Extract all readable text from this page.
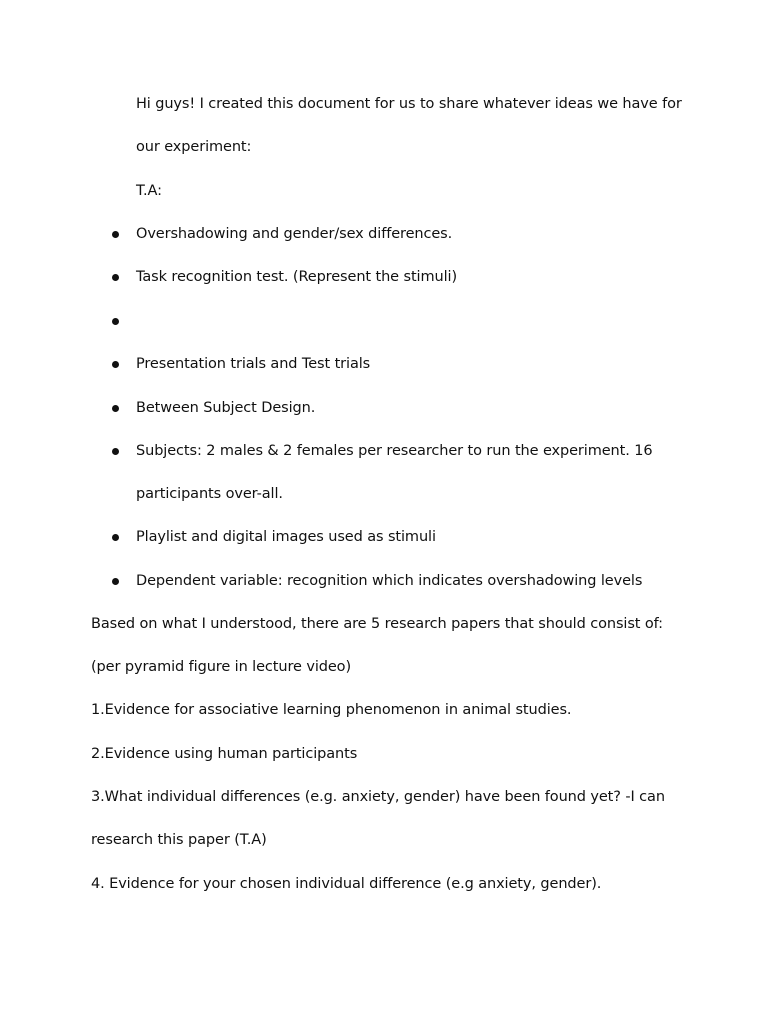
Hi guys! I created this document for us to share whatever ideas we have for
our experiment:
T.A:
Overshadowing and gender/sex differences.
Task recognition test. (Represent the stimuli)
Presentation trials and Test trials
Between Subject Design.
Subjects: 2 males & 2 females per researcher to run the experiment. 16
participants over-all.
Playlist and digital images used as stimuli
Dependent variable: recognition which indicates overshadowing levels
Based on what I understood, there are 5 research papers that should consist of:
(per pyramid figure in lecture video)
1.Evidence for associative learning phenomenon in animal studies.
2.Evidence using human participants
3.What individual differences (e.g. anxiety, gender) have been found yet? -I can
research this paper (T.A)
4. Evidence for your chosen individual difference (e.g anxiety, gender).
